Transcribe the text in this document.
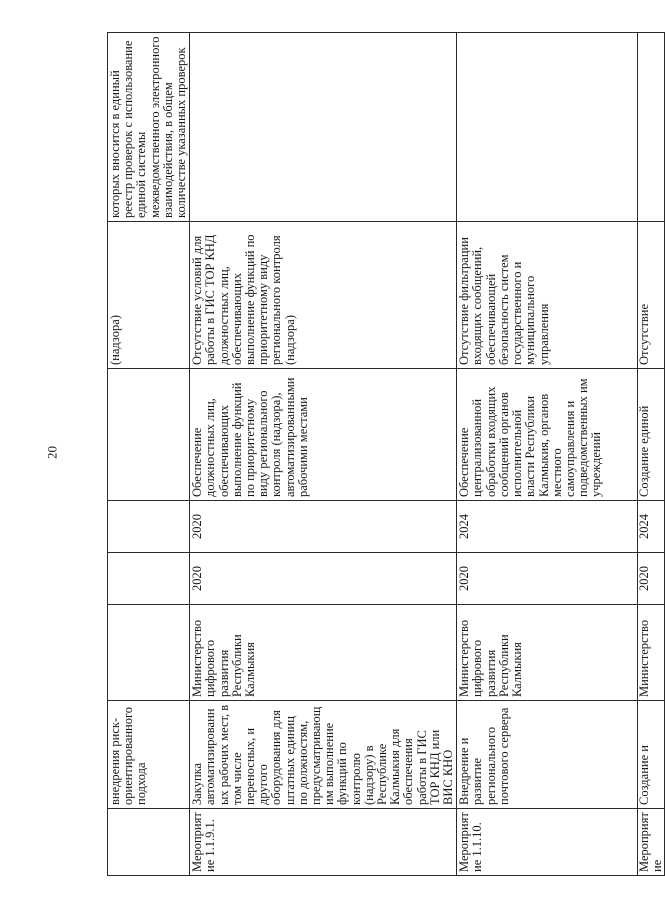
20
	внедрения риск-ориентированного подхода					(надзора)	которых вносится в единый реестр проверок с использование единой системы межведомственного электронного взаимодействия, в общем количестве указанных проверок
Мероприятие 1.1.9.1.	Закупка автоматизированных рабочих мест, в том числе переносных, и другого оборудования для штатных единиц по должностям, предусматривающим выполнение функций по контролю (надзору) в Республике Калмыкия для обеспечения работы в ГИС ТОР КНД или ВИС КНО	Министерство цифрового развития Республики Калмыкия	2020	2020	Обеспечение должностных лиц, обеспечивающих выполнение функций по приоритетному виду регионального контроля (надзора), автоматизированными рабочими местами	Отсутствие условий для работы в ГИС ТОР КНД должностных лиц, обеспечивающих выполнение функций по приоритетному виду регионального контроля (надзора)	
Мероприятие 1.1.10.	Внедрение и развитие регионального почтового сервера	Министерство цифрового развития Республики Калмыкия	2020	2024	Обеспечение централизованной обработки входящих сообщений органов исполнительной власти Республики Калмыкия, органов местного самоуправления и подведомственных им учреждений	Отсутствие фильтрации входящих сообщений, обеспечивающей безопасность систем государственного и муниципального управления	
Мероприятие	Создание и	Министерство	2020	2024	Создание единой	Отсутствие	
